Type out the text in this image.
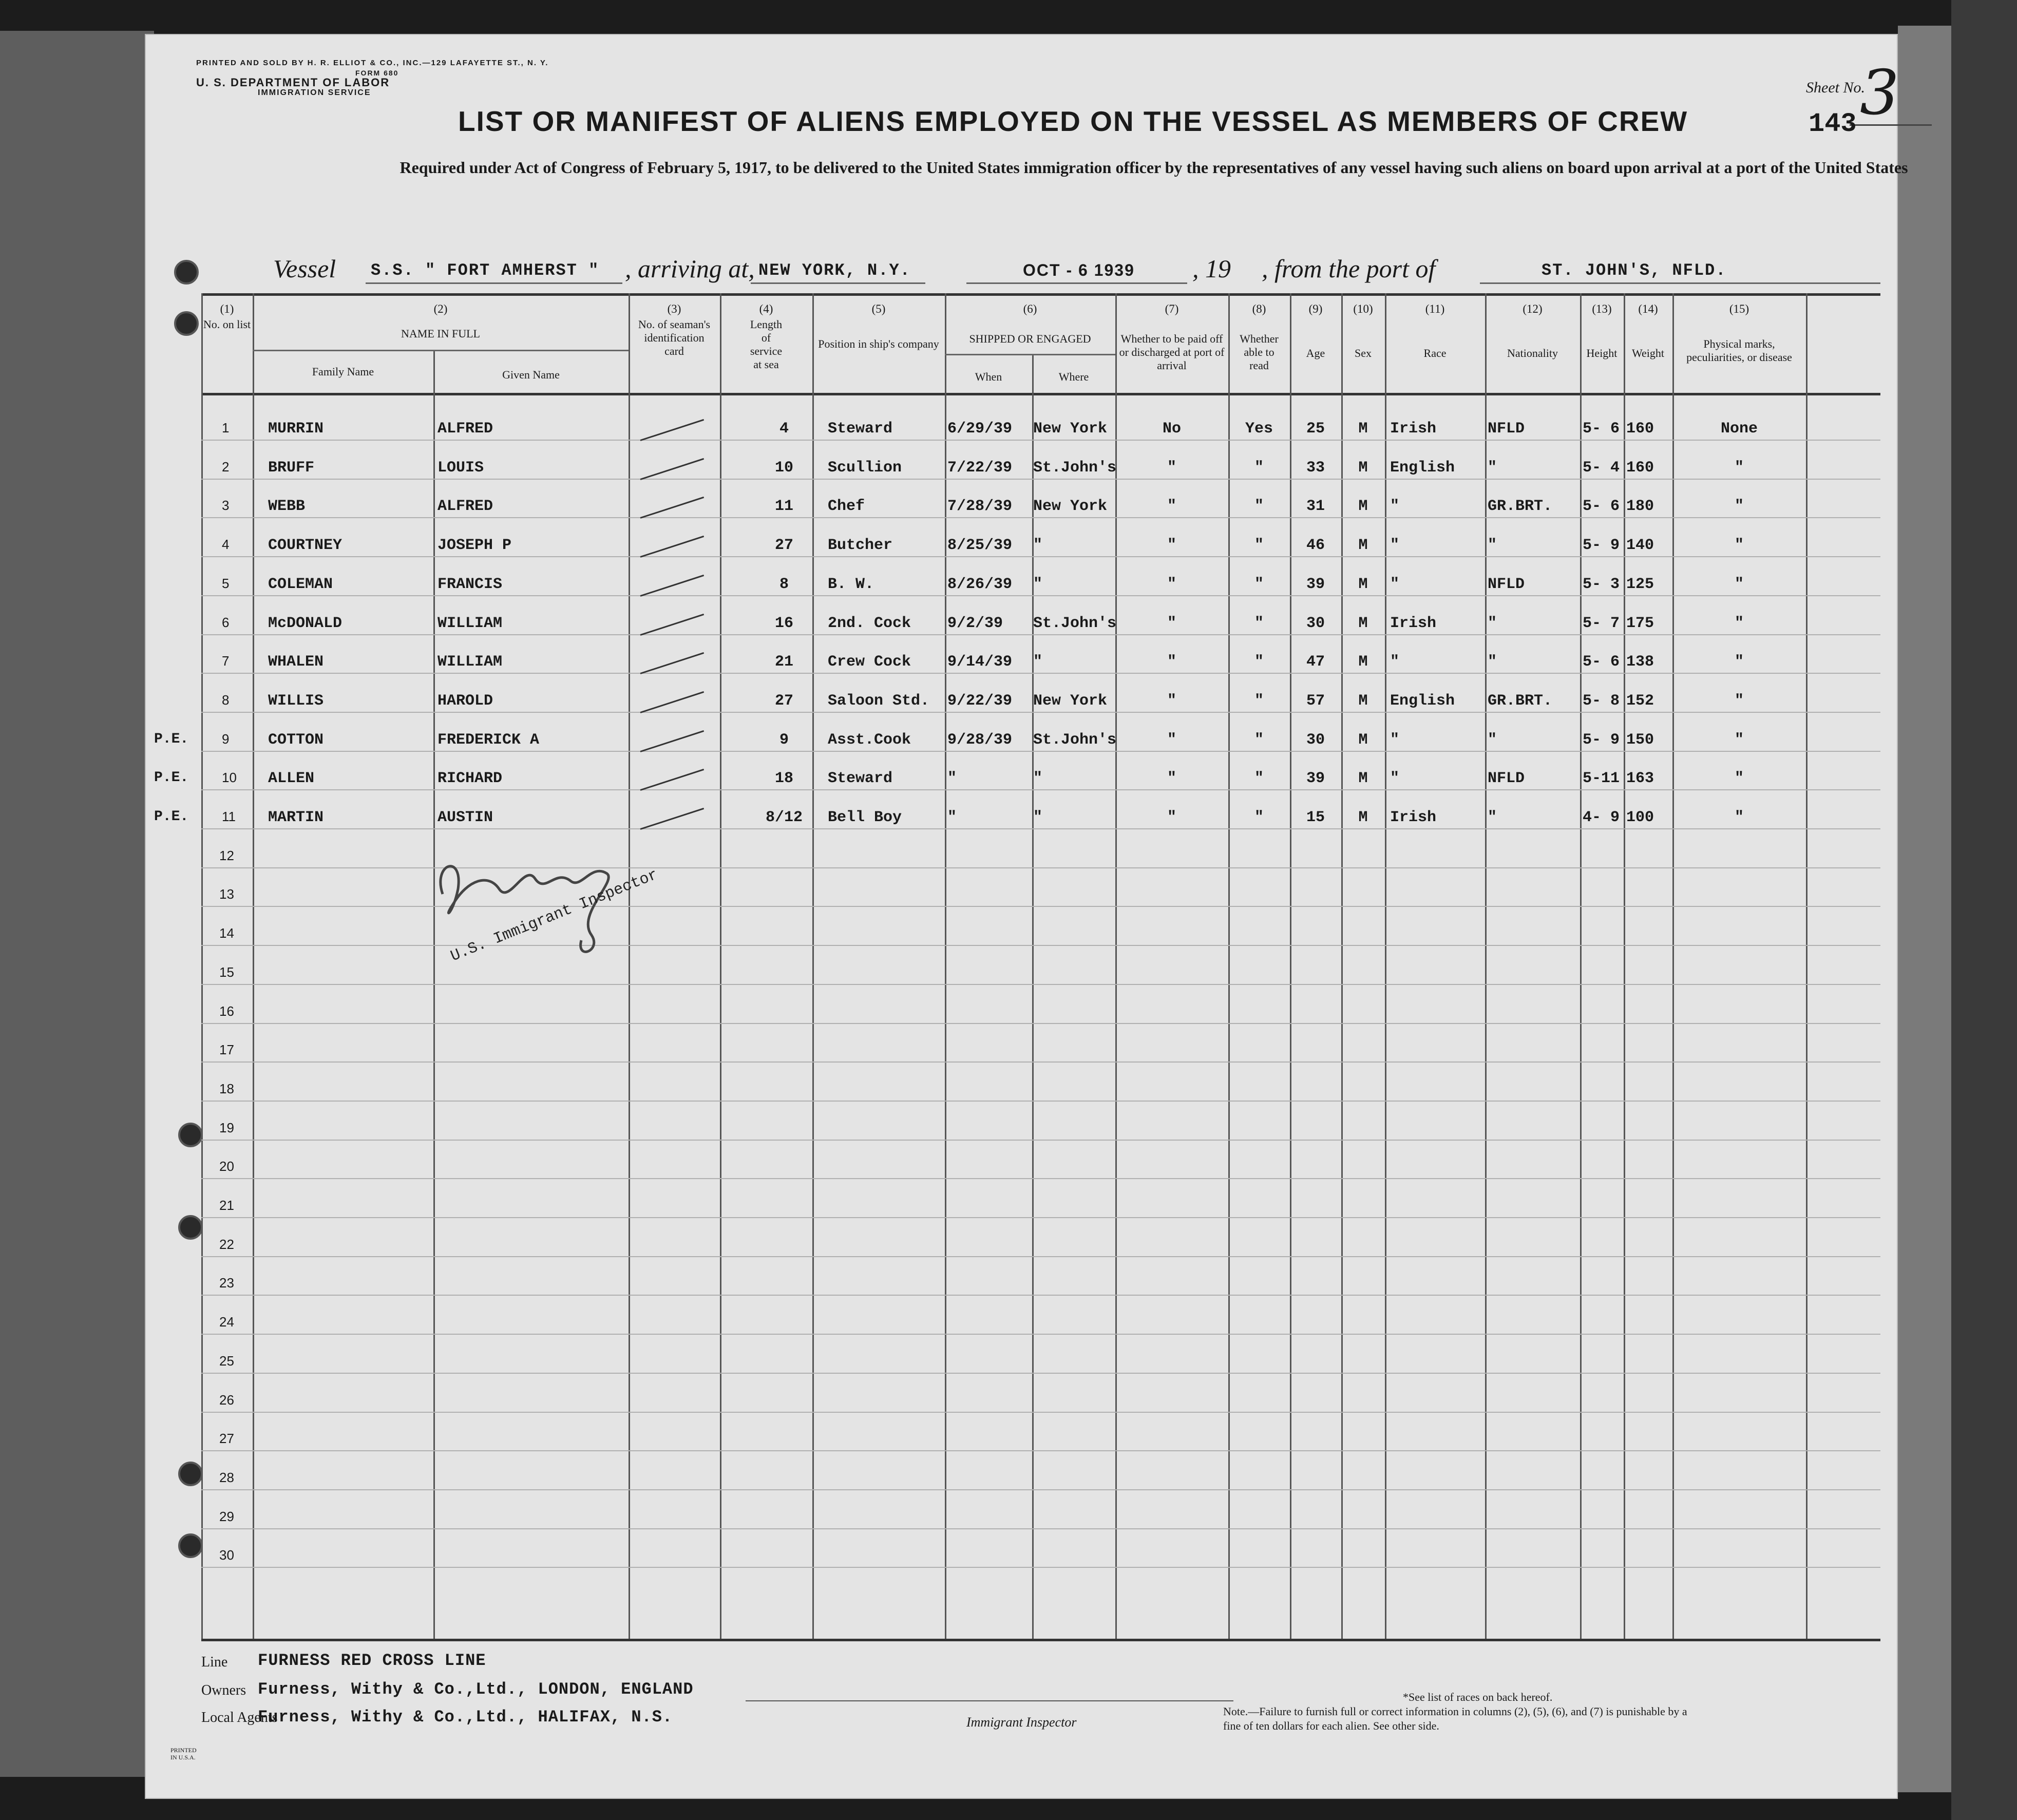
PRINTED AND SOLD BY H. R. ELLIOT & CO., INC.—129 LAFAYETTE ST., N. Y.
FORM 680
U. S. DEPARTMENT OF LABOR
IMMIGRATION SERVICE	Sheet No.
3
LIST OR MANIFEST OF ALIENS EMPLOYED ON THE VESSEL AS MEMBERS OF CREW	143
Required under Act of Congress of February 5, 1917, to be delivered to the United States immigration officer by the representatives of any vessel having such aliens on board upon arrival at a port of the United States
Vessel S.S. " FORT AMHERST " , arriving at, NEW YORK, N.Y.	OCT - 6 1939 , 19 , from the port of	ST. JOHN'S, NFLD.
(1)
No. on list
(2)
NAME IN FULL
Family Name	Given Name
(3)
No. of seaman's identification card
(4)
Length of service at sea
(5)
Position in ship's company
(6)
SHIPPED OR ENGAGED
When	Where
(7)
Whether to be paid off or discharged at port of arrival
(8)
Whether able to read
(9)
Age
(10)
Sex
(11)
Race
(12)
Nationality
(13)
Height
(14)
Weight
(15)
Physical marks, peculiarities, or disease
1	MURRIN	ALFRED	4	Steward	6/29/39 New York	No	Yes	25	M	Irish	NFLD	5- 6 160	None
2	BRUFF	LOUIS	10	Scullion	7/22/39 St.John's	"	"	33	M	English "	5- 4 160	"
3	WEBB	ALFRED	11	Chef	7/28/39 New York	"	"	31	M	"	GR.BRT. 5- 6 180	"
4	COURTNEY	JOSEPH P	27	Butcher	8/25/39 "	"	"	46	M	"	"	5- 9 140	"
5	COLEMAN	FRANCIS	8	B. W.	8/26/39 "	"	"	39	M	"	NFLD	5- 3 125	"
6	McDONALD	WILLIAM	16	2nd. Cock 9/2/39 St.John's	"	"	30	M	Irish	"	5- 7 175	"
7	WHALEN	WILLIAM	21	Crew Cock 9/14/39 "	"	"	47	M	"	"	5- 6 138	"
8	WILLIS	HAROLD	27	Saloon Std. 9/22/39 New York	"	"	57	M	English GR.BRT. 5- 8 152	"
9
P.E.	COTTON	FREDERICK A	9	Asst.Cook 9/28/39 St.John's	"	"	30	M	"	"	5- 9 150	"
10
P.E.	ALLEN	RICHARD	18	Steward	"	"	"	"	39	M	"	NFLD	5-11 163	"
11
P.E.	MARTIN	AUSTIN	8/12	Bell Boy	"	"	"	"	15	M	Irish	"	4- 9 100	"
12
13
14
15
16
17
18
19
20
21
22
23
24
25
26
27
28
29
30
U.S. Immigrant Inspector
Line FURNESS RED CROSS LINE
Owners Furness, Withy & Co.,Ltd., LONDON, ENGLAND
Local Agents
Furness, Withy & Co.,Ltd., HALIFAX, N.S.	Immigrant Inspector
*See list of races on back hereof.
Note.—Failure to furnish full or correct information in columns (2), (5), (6), and (7) is punishable by a fine of ten dollars for each alien. See other side.
PRINTED IN U.S.A.
